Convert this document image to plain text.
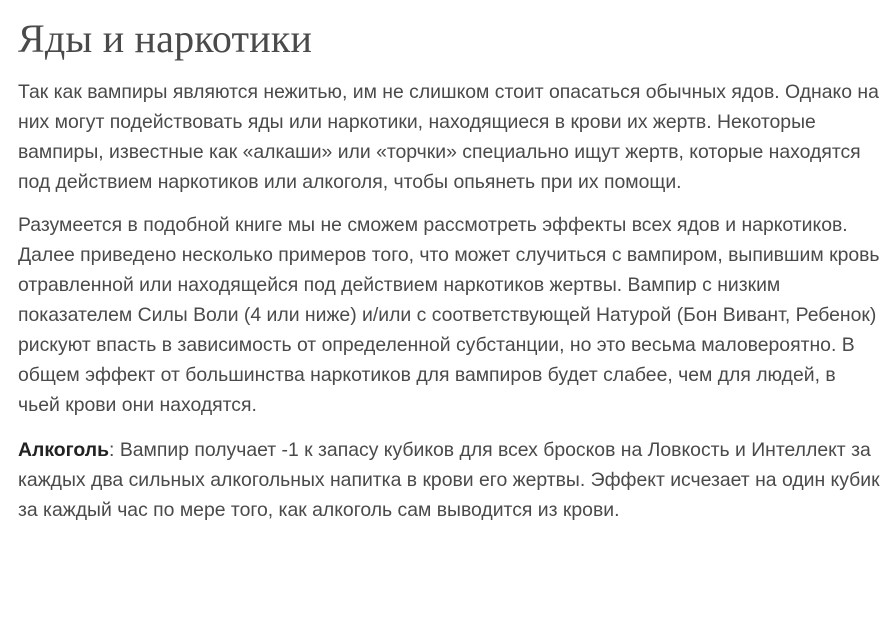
Яды и наркотики

Так как вампиры являются нежитью, им не слишком стоит опасаться обычных ядов. Однако на них могут подействовать яды или наркотики, находящиеся в крови их жертв. Некоторые вампиры, известные как «алкаши» или «торчки» специально ищут жертв, которые находятся под действием наркотиков или алкоголя, чтобы опьянеть при их помощи.

Разумеется в подобной книге мы не сможем рассмотреть эффекты всех ядов и наркотиков. Далее приведено несколько примеров того, что может случиться с вампиром, выпившим кровь отравленной или находящейся под действием наркотиков жертвы. Вампир с низким показателем Силы Воли (4 или ниже) и/или с соответствующей Натурой (Бон Вивант, Ребенок) рискуют впасть в зависимость от определенной субстанции, но это весьма маловероятно. В общем эффект от большинства наркотиков для вампиров будет слабее, чем для людей, в чьей крови они находятся.

Алкоголь: Вампир получает -1 к запасу кубиков для всех бросков на Ловкость и Интеллект за каждых два сильных алкогольных напитка в крови его жертвы. Эффект исчезает на один кубик за каждый час по мере того, как алкоголь сам выводится из крови.
